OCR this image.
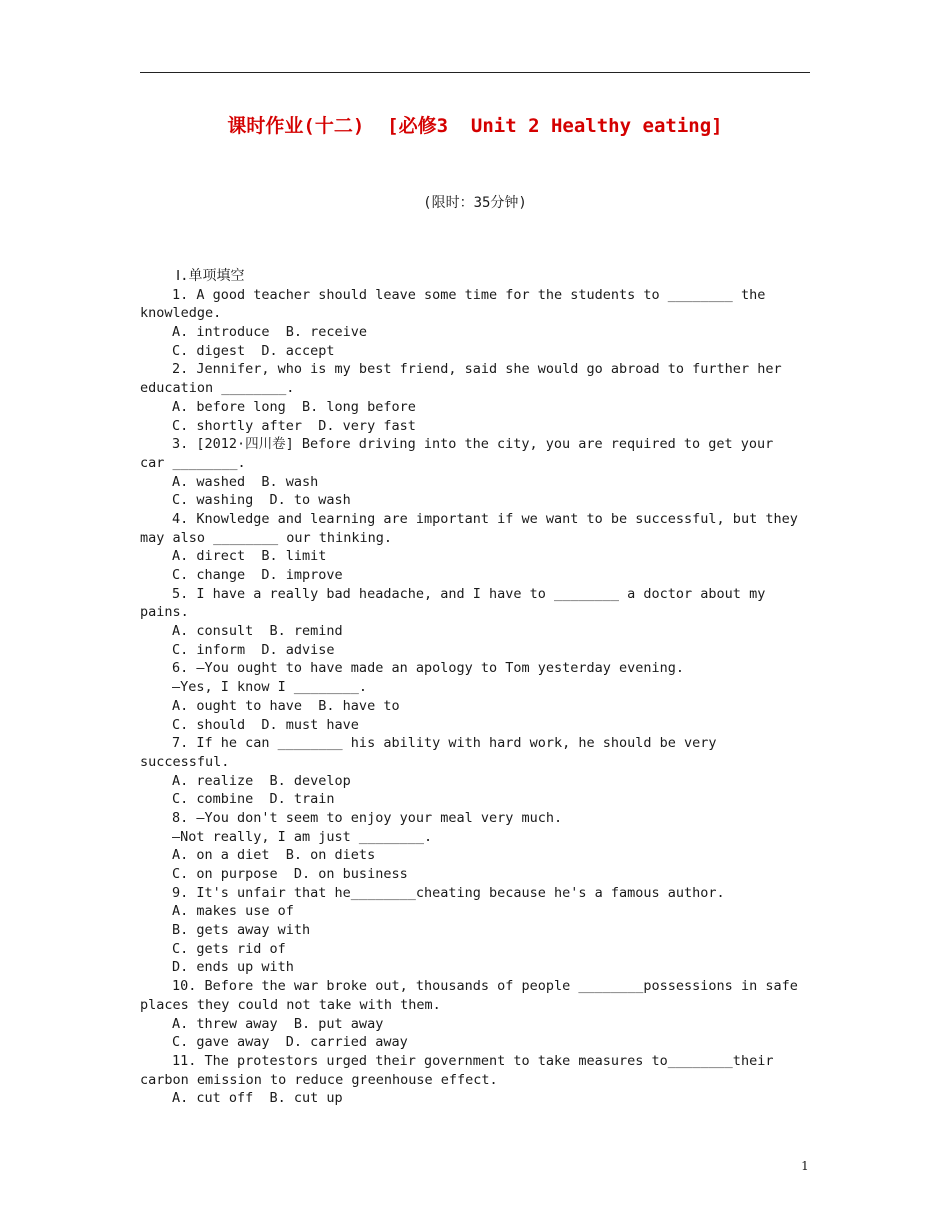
课时作业(十二)  [必修3  Unit 2 Healthy eating]
(限时：35分钟)
Ⅰ.单项填空
1. A good teacher should leave some time for the students to ________ the
knowledge.
A. introduce  B. receive
C. digest  D. accept
2. Jennifer, who is my best friend, said she would go abroad to further her
education ________.
A. before long  B. long before
C. shortly after  D. very fast
3. [2012·四川卷] Before driving into the city, you are required to get your
car ________.
A. washed  B. wash
C. washing  D. to wash
4. Knowledge and learning are important if we want to be successful, but they
may also ________ our thinking.
A. direct  B. limit
C. change  D. improve
5. I have a really bad headache, and I have to ________ a doctor about my
pains.
A. consult  B. remind
C. inform  D. advise
6. —You ought to have made an apology to Tom yesterday evening.
—Yes, I know I ________.
A. ought to have  B. have to
C. should  D. must have
7. If he can ________ his ability with hard work, he should be very
successful.
A. realize  B. develop
C. combine  D. train
8. —You don't seem to enjoy your meal very much.
—Not really, I am just ________.
A. on a diet  B. on diets
C. on purpose  D. on business
9. It's unfair that he________cheating because he's a famous author.
A. makes use of
B. gets away with
C. gets rid of
D. ends up with
10. Before the war broke out, thousands of people ________possessions in safe
places they could not take with them.
A. threw away  B. put away
C. gave away  D. carried away
11. The protestors urged their government to take measures to________their
carbon emission to reduce greenhouse effect.
A. cut off  B. cut up
1
